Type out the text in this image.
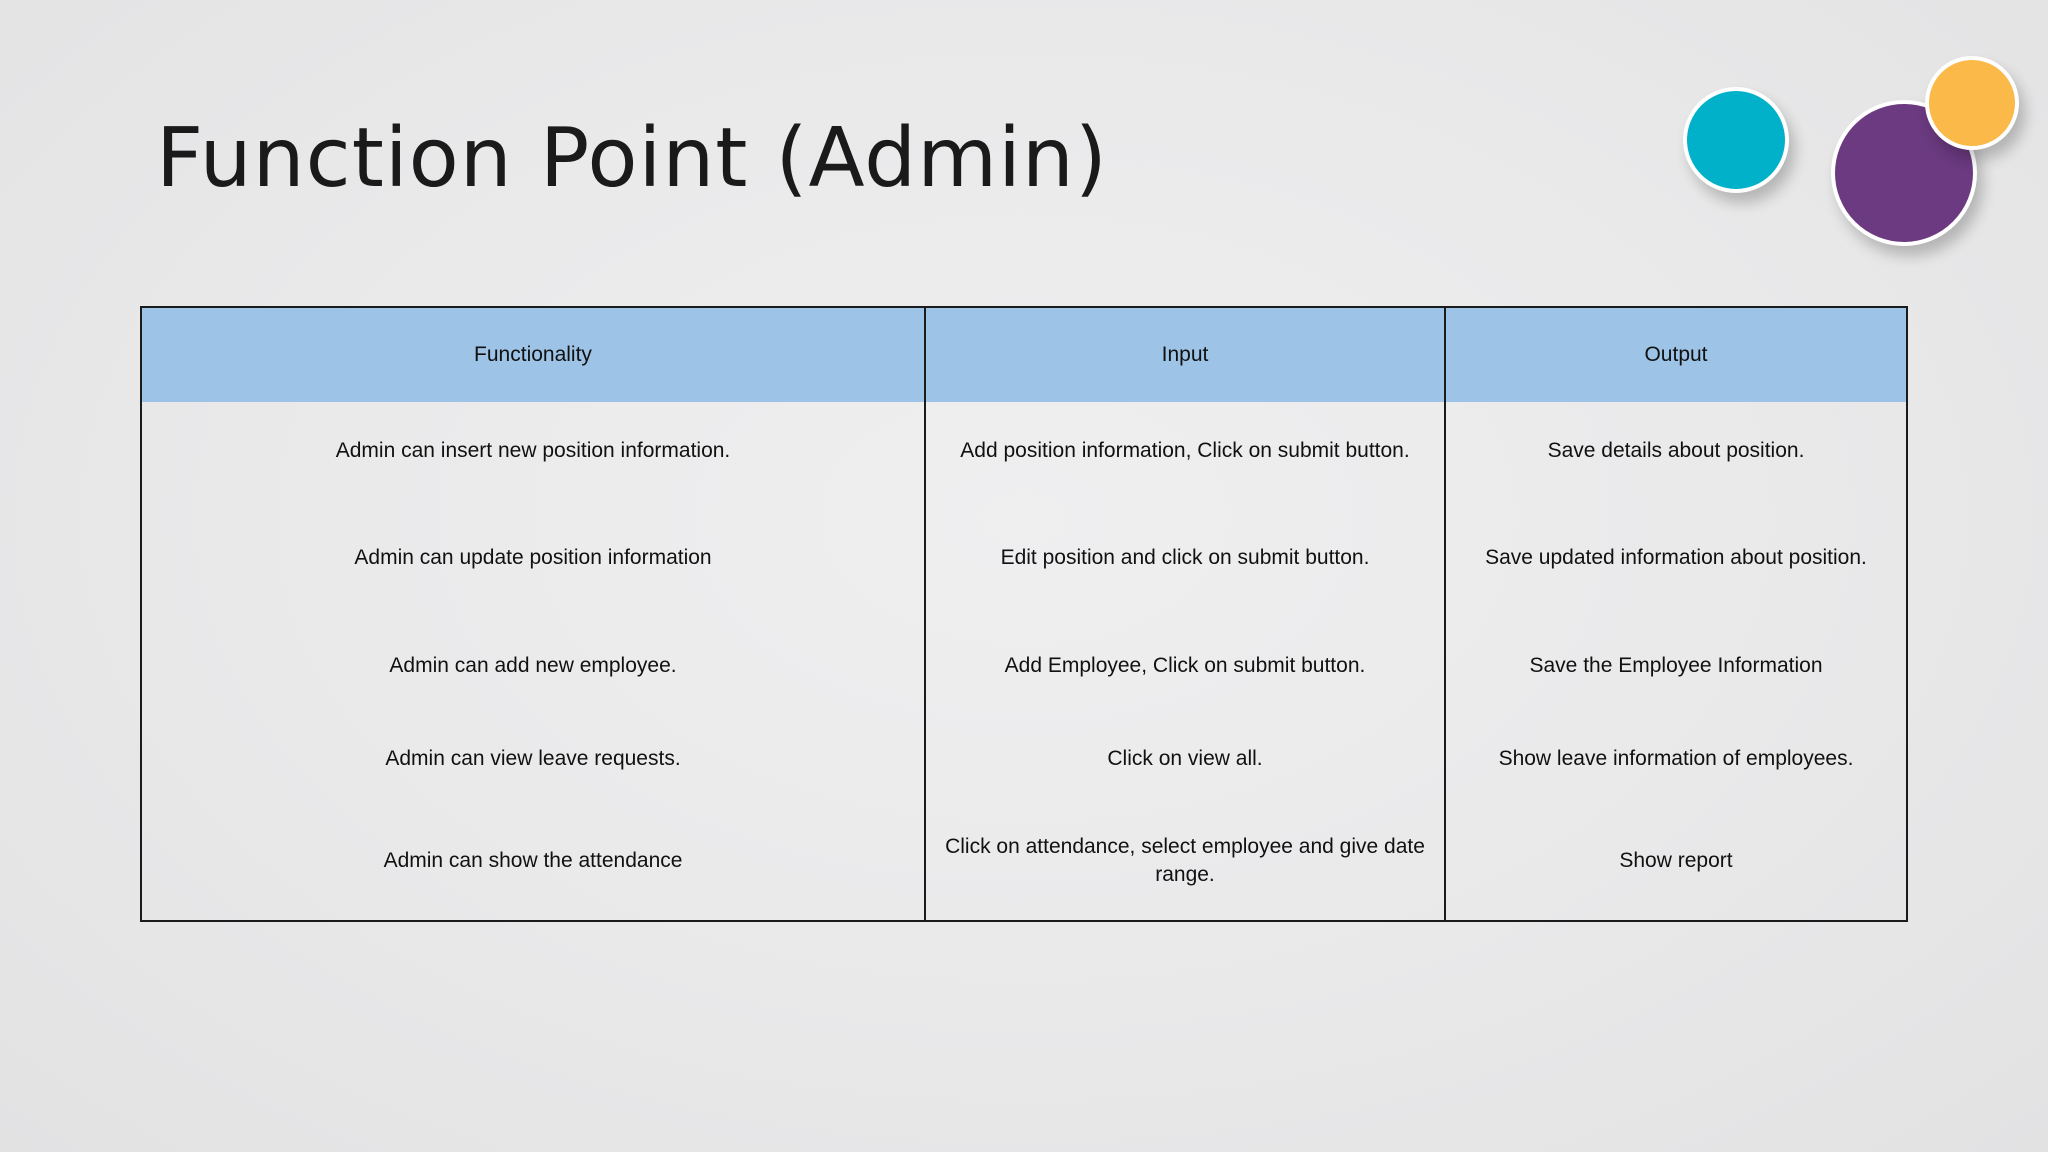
Function Point (Admin)
Functionality	Input	Output
Admin can insert new position information.	Add position information, Click on submit button.	Save details about position.
Admin can update position information	Edit position and click on submit button.	Save updated information about position.
Admin can add new employee.	Add Employee, Click on submit button.	Save the Employee Information
Admin can view leave requests.	Click on view all.	Show leave information of employees.
Admin can show the attendance	Click on attendance, select employee and give date range.	Show report
